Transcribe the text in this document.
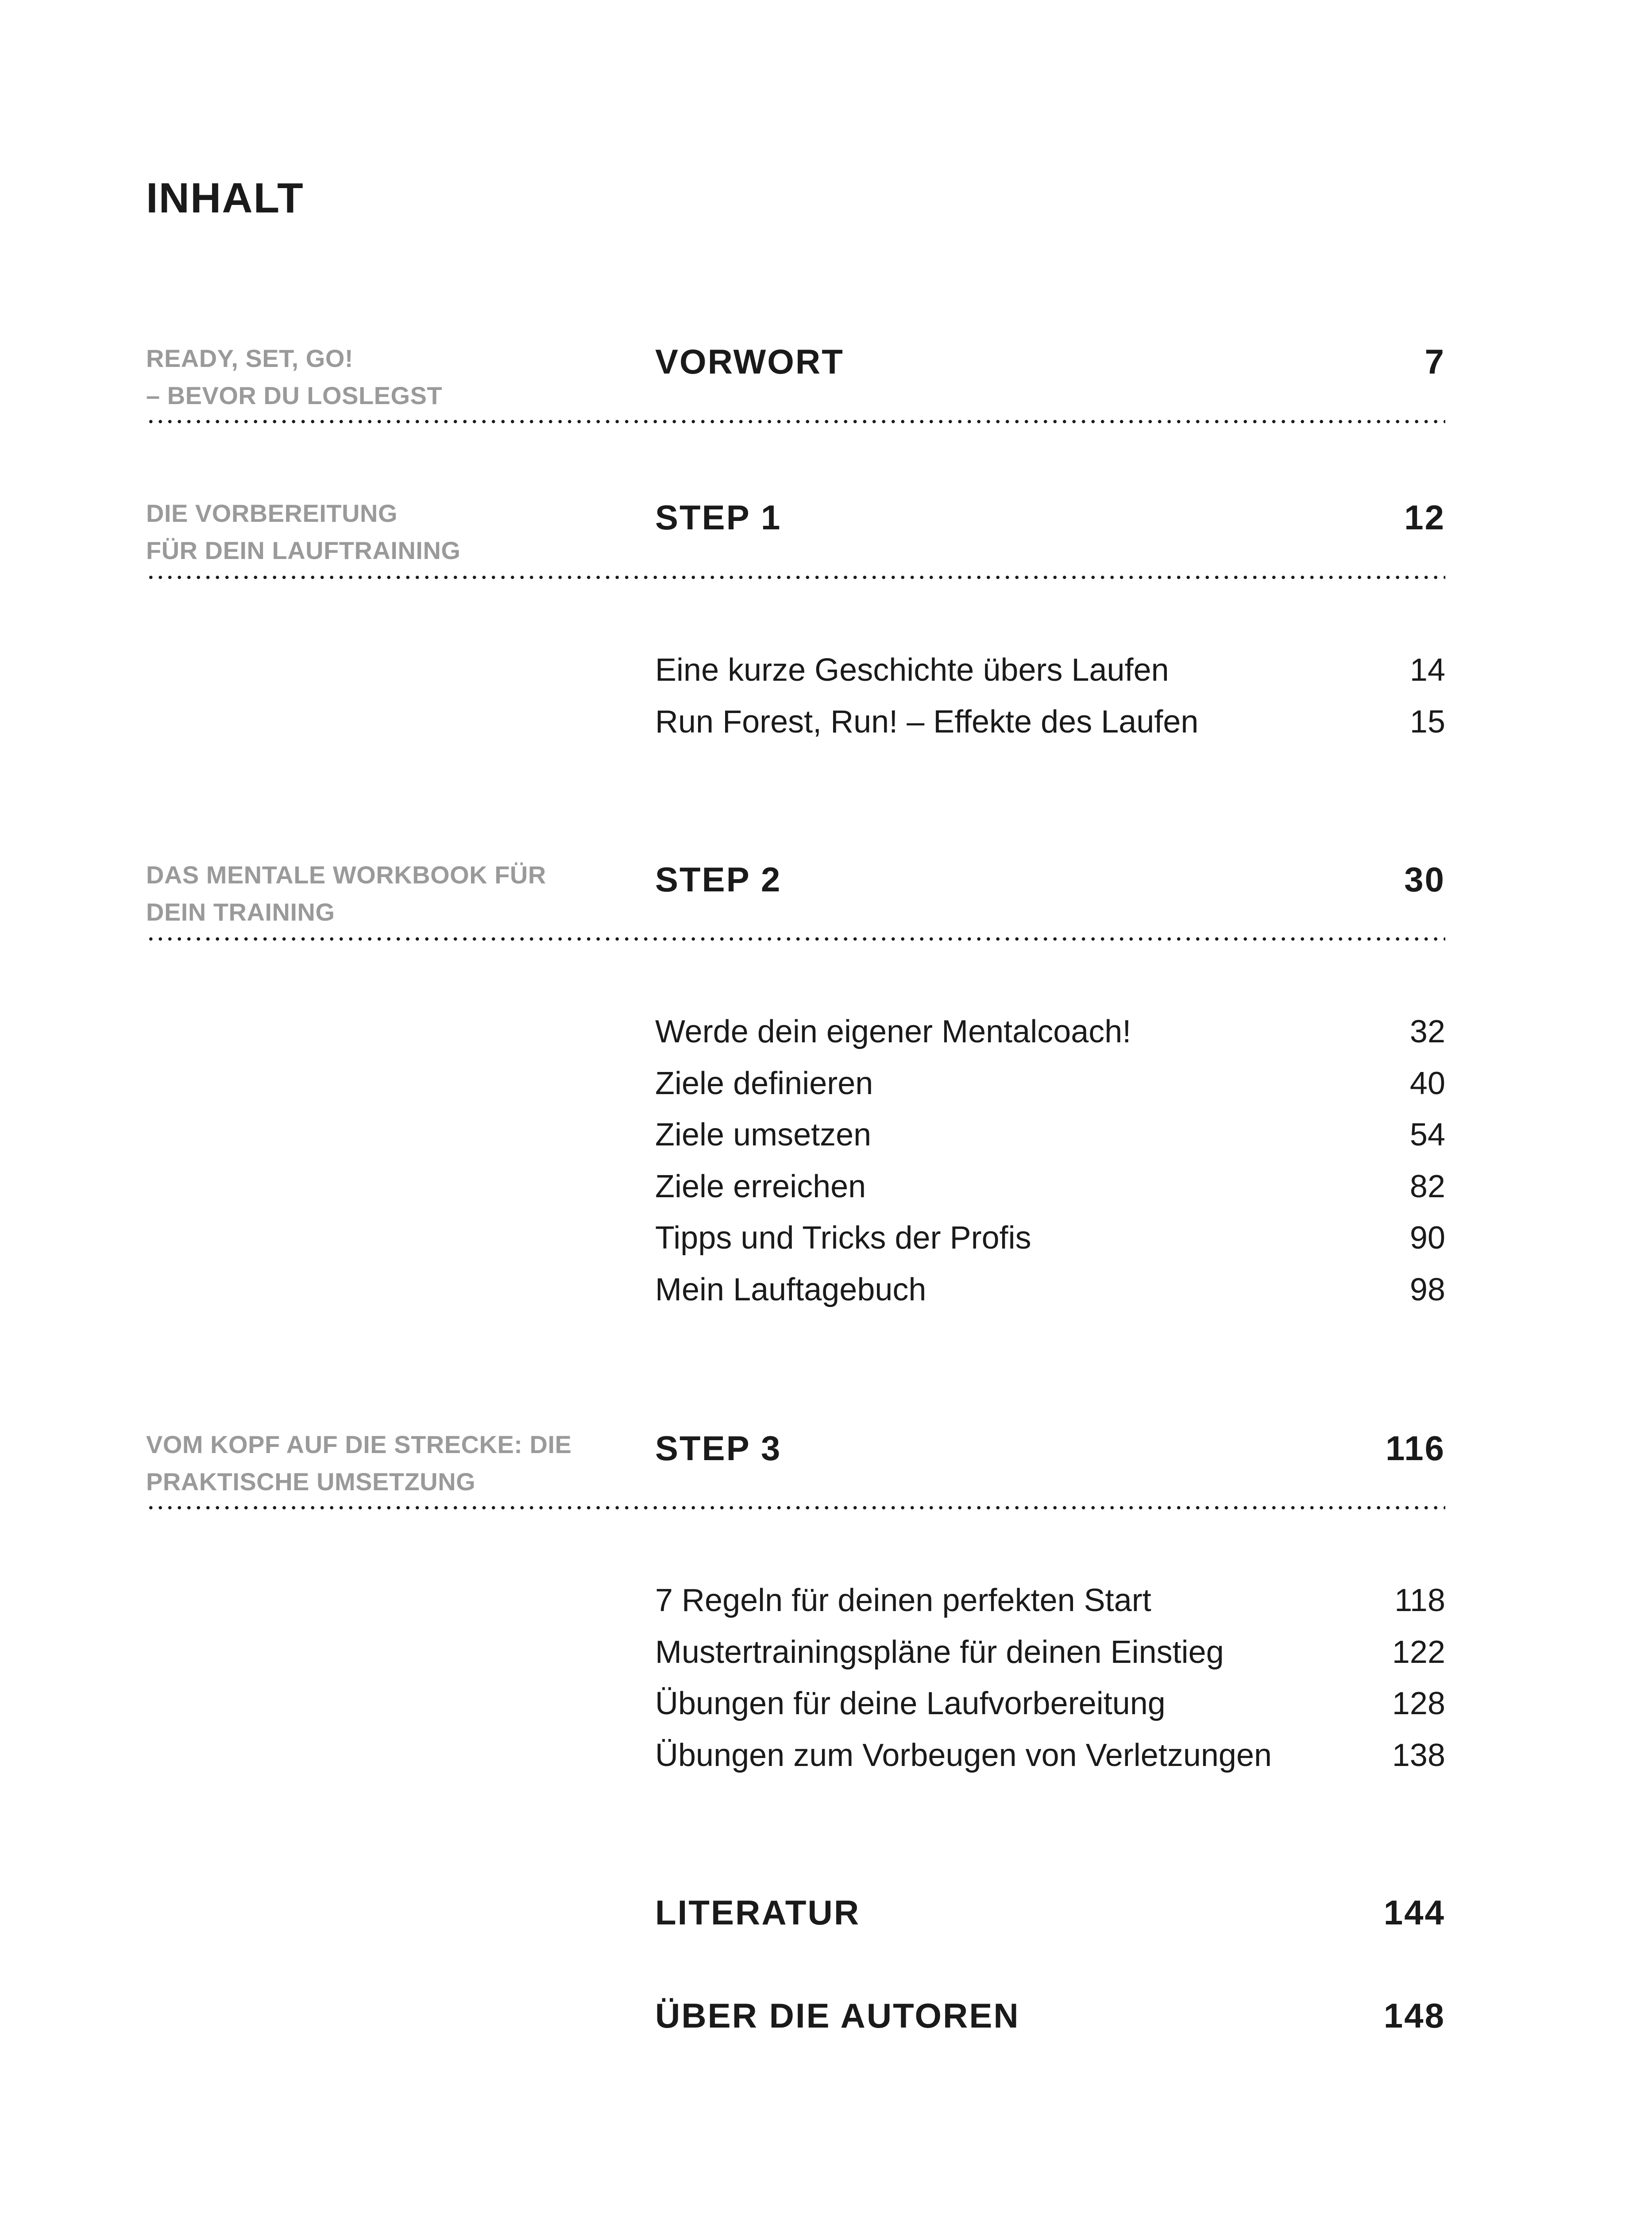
INHALT
READY, SET, GO!
– BEVOR DU LOSLEGST
VORWORT	7
DIE VORBEREITUNG
FÜR DEIN LAUFTRAINING
STEP 1	12
Eine kurze Geschichte übers Laufen	14
Run Forest, Run! – Effekte des Laufen	15
DAS MENTALE WORKBOOK FÜR
DEIN TRAINING
STEP 2	30
Werde dein eigener Mentalcoach!	32
Ziele definieren	40
Ziele umsetzen	54
Ziele erreichen	82
Tipps und Tricks der Profis	90
Mein Lauftagebuch	98
VOM KOPF AUF DIE STRECKE: DIE
PRAKTISCHE UMSETZUNG
STEP 3	116
7 Regeln für deinen perfekten Start	118
Mustertrainingspläne für deinen Einstieg	122
Übungen für deine Laufvorbereitung	128
Übungen zum Vorbeugen von Verletzungen	138
LITERATUR	144
ÜBER DIE AUTOREN	148
